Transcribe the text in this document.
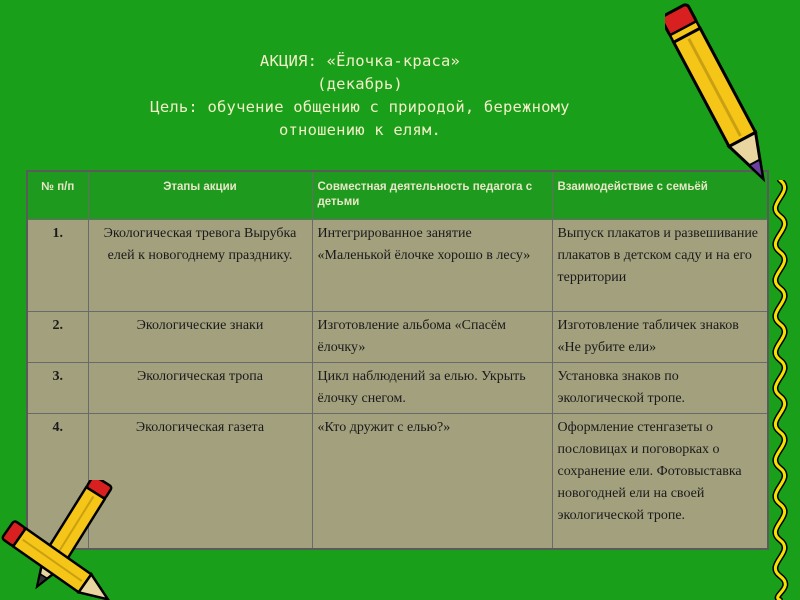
АКЦИЯ: «Ёлочка-краса»
(декабрь)
Цель: обучение общению с природой, бережному
отношению к елям.
№ п/п	Этапы акции	Совместная деятельность педагога с детьми	Взаимодействие с семьёй
1.	Экологическая тревога Вырубка елей к новогоднему празднику.	Интегрированное занятие «Маленькой ёлочке хорошо в лесу»	Выпуск плакатов и развешивание плакатов в детском саду и на его территории
2.	Экологические знаки	Изготовление альбома «Спасём ёлочку»	Изготовление табличек знаков «Не рубите ели»
3.	Экологическая тропа	Цикл наблюдений за елью. Укрыть ёлочку снегом.	Установка знаков по экологической тропе.
4.	Экологическая газета	«Кто дружит с елью?»	Оформление стенгазеты о пословицах и поговорках о сохранение ели. Фотовыставка новогодней ели на своей экологической тропе.
